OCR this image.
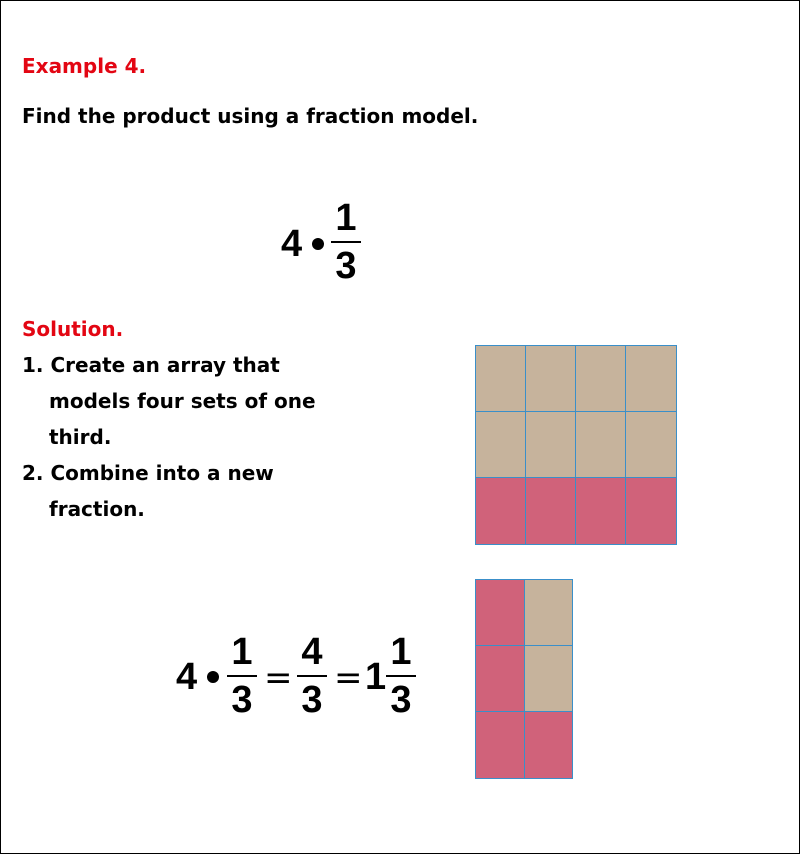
Example 4.
Find the product using a fraction model.
4
1
3
Solution.
1. Create an array that
models four sets of one
third.
2. Combine into a new
fraction.
4
1
3
=
4
3
= 1
1
3
